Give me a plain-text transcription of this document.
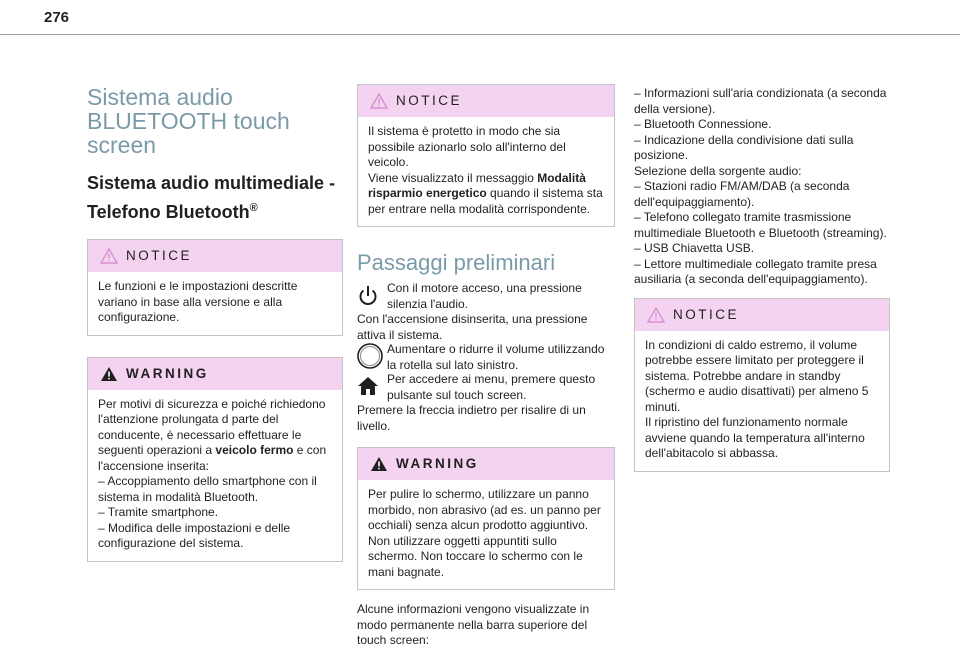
276
Sistema audio
BLUETOOTH touch
screen
Sistema audio multimediale - Telefono Bluetooth®
NOTICE

Le funzioni e le impostazioni descritte variano in base alla versione e alla configurazione.

WARNING

Per motivi di sicurezza e poiché richiedono l'attenzione prolungata d parte del conducente, è necessario effettuare le seguenti operazioni a veicolo fermo e con l'accensione inserita:

– Accoppiamento dello smartphone con il sistema in modalità Bluetooth.

– Tramite smartphone.

– Modifica delle impostazioni e delle configurazione del sistema.

NOTICE

Il sistema è protetto in modo che sia possibile azionarlo solo all'interno del veicolo.

Viene visualizzato il messaggio Modalità risparmio energetico quando il sistema sta per entrare nella modalità corrispondente.

Passaggi preliminari
Con il motore acceso, una pressione silenzia l'audio.
Con l'accensione disinserita, una pressione attiva il sistema.
Aumentare o ridurre il volume utilizzando la rotella sul lato sinistro.
Per accedere ai menu, premere questo pulsante sul touch screen.
Premere la freccia indietro per risalire di un livello.
WARNING

Per pulire lo schermo, utilizzare un panno morbido, non abrasivo (ad es. un panno per occhiali) senza alcun prodotto aggiuntivo. Non utilizzare oggetti appuntiti sullo schermo. Non toccare lo schermo con le mani bagnate.

Alcune informazioni vengono visualizzate in modo permanente nella barra superiore del touch screen:

– Informazioni sull'aria condizionata (a seconda della versione).

– Bluetooth Connessione.

– Indicazione della condivisione dati sulla posizione.

Selezione della sorgente audio:

– Stazioni radio FM/AM/DAB (a seconda dell'equipaggiamento).

– Telefono collegato tramite trasmissione multimediale Bluetooth e Bluetooth (streaming).

– USB Chiavetta USB.

– Lettore multimediale collegato tramite presa ausiliaria (a seconda dell'equipaggiamento).

NOTICE

In condizioni di caldo estremo, il volume potrebbe essere limitato per proteggere il sistema. Potrebbe andare in standby (schermo e audio disattivati) per almeno 5 minuti.

Il ripristino del funzionamento normale avviene quando la temperatura all'interno dell'abitacolo si abbassa.
